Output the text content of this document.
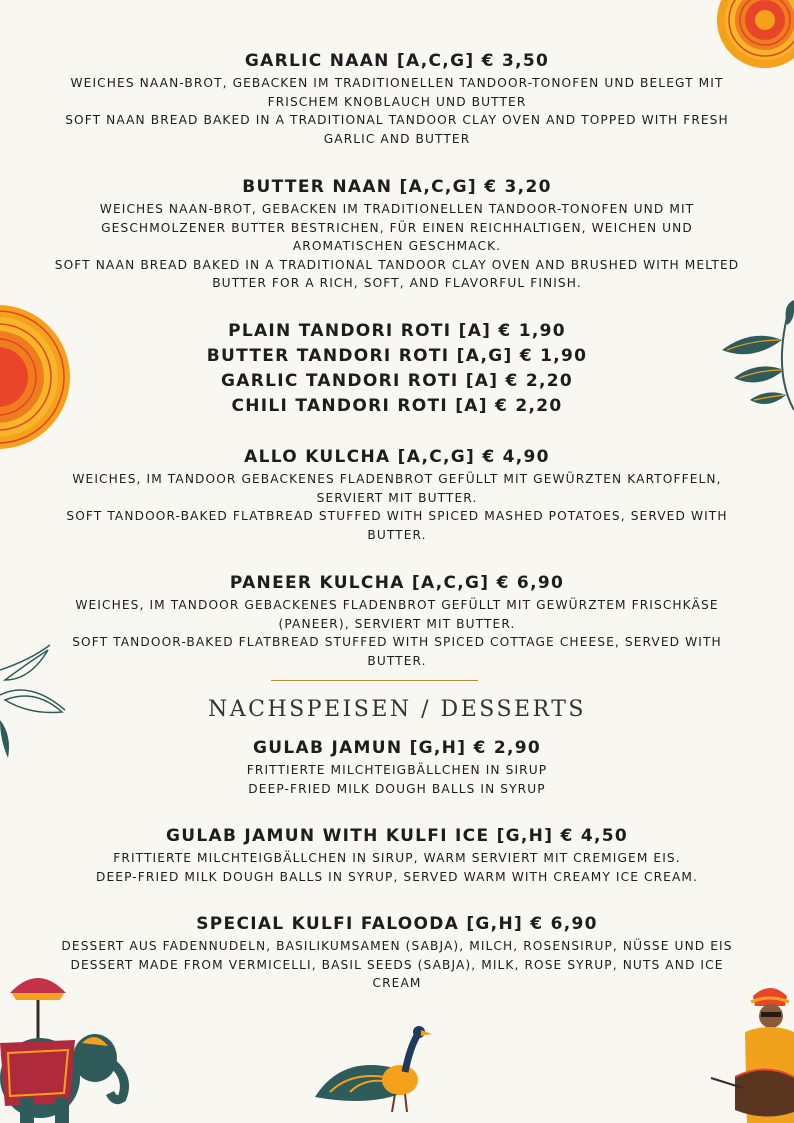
GARLIC NAAN [A,C,G] € 3,50
WEICHES NAAN-BROT, GEBACKEN IM TRADITIONELLEN TANDOOR-TONOFEN UND BELEGT MIT
FRISCHEM KNOBLAUCH UND BUTTER
SOFT NAAN BREAD BAKED IN A TRADITIONAL TANDOOR CLAY OVEN AND TOPPED WITH FRESH
GARLIC AND BUTTER
BUTTER NAAN [A,C,G] € 3,20
WEICHES NAAN-BROT, GEBACKEN IM TRADITIONELLEN TANDOOR-TONOFEN UND MIT
GESCHMOLZENER BUTTER BESTRICHEN, FÜR EINEN REICHHALTIGEN, WEICHEN UND
AROMATISCHEN GESCHMACK.
SOFT NAAN BREAD BAKED IN A TRADITIONAL TANDOOR CLAY OVEN AND BRUSHED WITH MELTED
BUTTER FOR A RICH, SOFT, AND FLAVORFUL FINISH.
PLAIN TANDORI ROTI [A] € 1,90
BUTTER TANDORI ROTI [A,G] € 1,90
GARLIC TANDORI ROTI [A] € 2,20
CHILI TANDORI ROTI [A] € 2,20
ALLO KULCHA [A,C,G] € 4,90
WEICHES, IM TANDOOR GEBACKENES FLADENBROT GEFÜLLT MIT GEWÜRZTEN KARTOFFELN,
SERVIERT MIT BUTTER.
SOFT TANDOOR-BAKED FLATBREAD STUFFED WITH SPICED MASHED POTATOES, SERVED WITH
BUTTER.
PANEER KULCHA [A,C,G] € 6,90
WEICHES, IM TANDOOR GEBACKENES FLADENBROT GEFÜLLT MIT GEWÜRZTEM FRISCHKÄSE
(PANEER), SERVIERT MIT BUTTER.
SOFT TANDOOR-BAKED FLATBREAD STUFFED WITH SPICED COTTAGE CHEESE, SERVED WITH
BUTTER.
NACHSPEISEN / DESSERTS
GULAB JAMUN [G,H] € 2,90
FRITTIERTE MILCHTEIGBÄLLCHEN IN SIRUP
DEEP-FRIED MILK DOUGH BALLS IN SYRUP
GULAB JAMUN WITH KULFI ICE [G,H] € 4,50
FRITTIERTE MILCHTEIGBÄLLCHEN IN SIRUP, WARM SERVIERT MIT CREMIGEM EIS.
DEEP-FRIED MILK DOUGH BALLS IN SYRUP, SERVED WARM WITH CREAMY ICE CREAM.
SPECIAL KULFI FALOODA [G,H] € 6,90
DESSERT AUS FADENNUDELN, BASILIKUMSAMEN (SABJA), MILCH, ROSENSIRUP, NÜSSE UND EIS
DESSERT MADE FROM VERMICELLI, BASIL SEEDS (SABJA), MILK, ROSE SYRUP, NUTS AND ICE
CREAM
